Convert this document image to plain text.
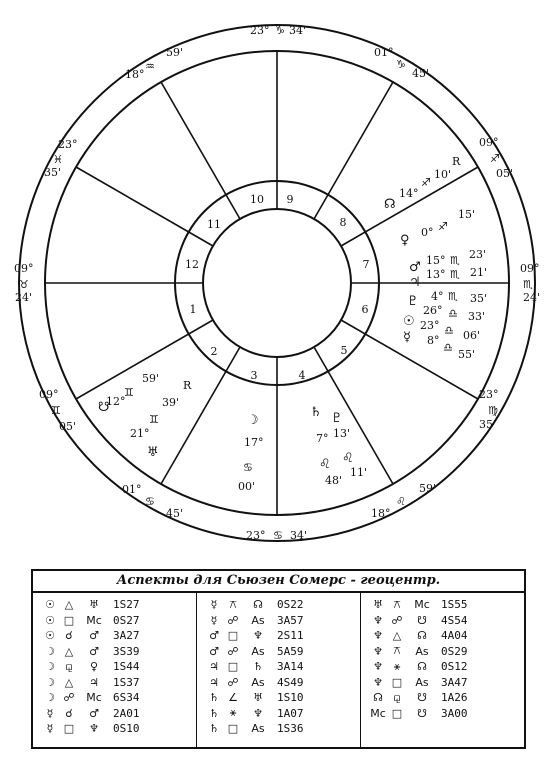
1
2
3	4
5
6
7
8
9
10
11
12
23° ♑ 34'
23° ♋ 34'
09°
♉
24'
09°
♏
24'
18°
♒
59'
23°
♓
35'
09°
♊
05'
01°
♋
45'	18°
♌
59'
23°
♍
35'
09°
♐
05'
01°
♑
45'
☊
14°
♐
10'
R
♀
0° ♐
15'
♂ 15° ♏ 23'
13° ♏ 21'
♃
♇ 4° ♏ 35'
26° ♎ 33'
☉ 23° ♎ 06'
☿ 8°
♎
55'
☋
12°
♊
59'
R
21°
♊
39'
♅
☽
17°
♋
00'
♄ ♇
7° 13'
♌ ♌
48'
11'
Аспекты для Сьюзен Сомерс - геоцентр.
☉ △	♅	1S27
☉ □	Mc	0S27
☉ ☌	♂	3A27
☽ △	♂	3S39
☽ ⚼	♀	1S44
☽ △	♃	1S37
☽ ☍	Mc	6S34
☿	☌	♂	2A01
☿ □	♆	0S10
☿	⚻	☊	0S22
☿ ☍	As	3A57
♂ □	♆	2S11
♂ ☍	As	5A59
♃ □	♄	3A14
♃ ☍	As	4S49
♄ ∠	♅	1S10
♄ ⚹	♆	1A07
♄ □	As	1S36
♅ ⚻	Mc	1S55
♆ ☍	☋	4S54
♆ △	☊	4A04
♆ ⚻	As	0S29
♆ ⚹	☊	0S12
♆ □	As	3A47
☊ ⚼	☋	1A26
Mc □	☋	3A00
